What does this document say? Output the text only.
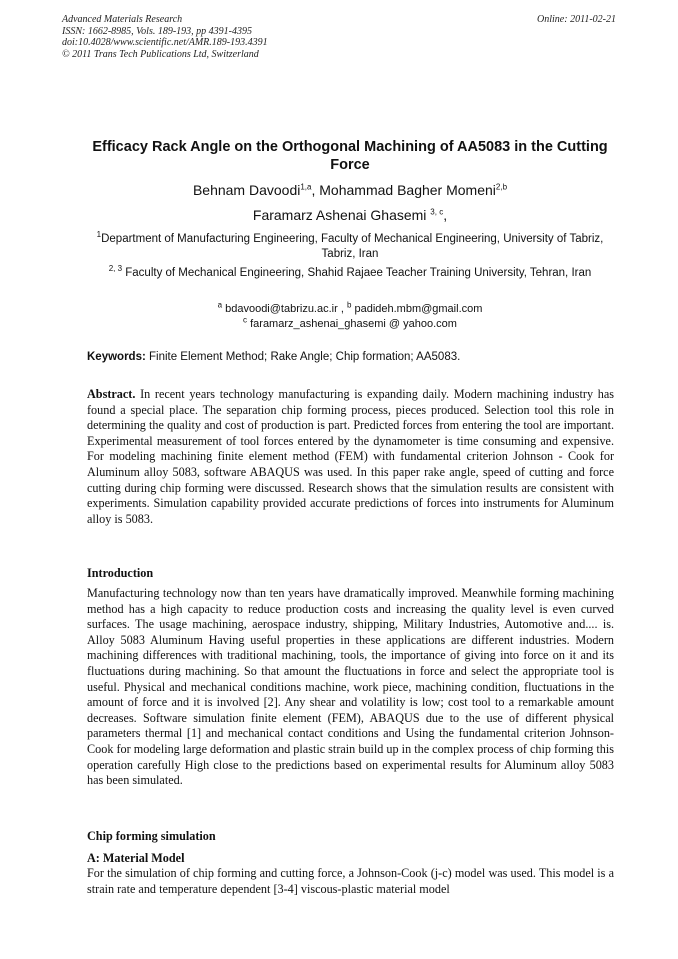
Advanced Materials Research
ISSN: 1662-8985, Vols. 189-193, pp 4391-4395
doi:10.4028/www.scientific.net/AMR.189-193.4391
© 2011 Trans Tech Publications Ltd, Switzerland
Online: 2011-02-21
Efficacy Rack Angle on the Orthogonal Machining of AA5083 in the Cutting Force
Behnam Davoodi$^{1,a}$, Mohammad Bagher Momeni$^{2,b}$
Faramarz Ashenai Ghasemi $^{3, c}$,
$^1$Department of Manufacturing Engineering, Faculty of Mechanical Engineering, University of Tabriz, Tabriz, Iran
$^{2, 3}$ Faculty of Mechanical Engineering, Shahid Rajaee Teacher Training University, Tehran, Iran
$^a$ bdavoodi@tabrizu.ac.ir , $^b$ padideh.mbm@gmail.com
$^c$ faramarz_ashenai_ghasemi @ yahoo.com
Keywords: Finite Element Method; Rake Angle; Chip formation; AA5083.
Abstract. In recent years technology manufacturing is expanding daily. Modern machining industry has found a special place. The separation chip forming process, pieces produced. Selection tool this role in determining the quality and cost of production is part. Predicted forces from entering the tool are important. Experimental measurement of tool forces entered by the dynamometer is time consuming and expensive. For modeling machining finite element method (FEM) with fundamental criterion Johnson - Cook for Aluminum alloy 5083, software ABAQUS was used. In this paper rake angle, speed of cutting and force cutting during chip forming were discussed. Research shows that the simulation results are consistent with experiments. Simulation capability provided accurate predictions of forces into instruments for Aluminum alloy is 5083.
Introduction
Manufacturing technology now than ten years have dramatically improved. Meanwhile forming machining method has a high capacity to reduce production costs and increasing the quality level is even curved surfaces. The usage machining, aerospace industry, shipping, Military Industries, Automotive and.... is. Alloy 5083 Aluminum Having useful properties in these applications are different industries. Modern machining differences with traditional machining, tools, the importance of giving into force on it and its fluctuations during machining. So that amount the fluctuations in force and select the appropriate tool is useful. Physical and mechanical conditions machine, work piece, machining condition, fluctuations in the amount of force and it is involved [2]. Any shear and volatility is low; cost tool to a remarkable amount decreases. Software simulation finite element (FEM), ABAQUS due to the use of different physical parameters thermal [1] and mechanical contact conditions and Using the fundamental criterion Johnson-Cook for modeling large deformation and plastic strain build up in the complex process of chip forming this operation carefully High close to the predictions based on experimental results for Aluminum alloy 5083 has been simulated.
Chip forming simulation
A: Material Model
For the simulation of chip forming and cutting force, a Johnson-Cook (j-c) model was used. This model is a strain rate and temperature dependent [3-4] viscous-plastic material model
